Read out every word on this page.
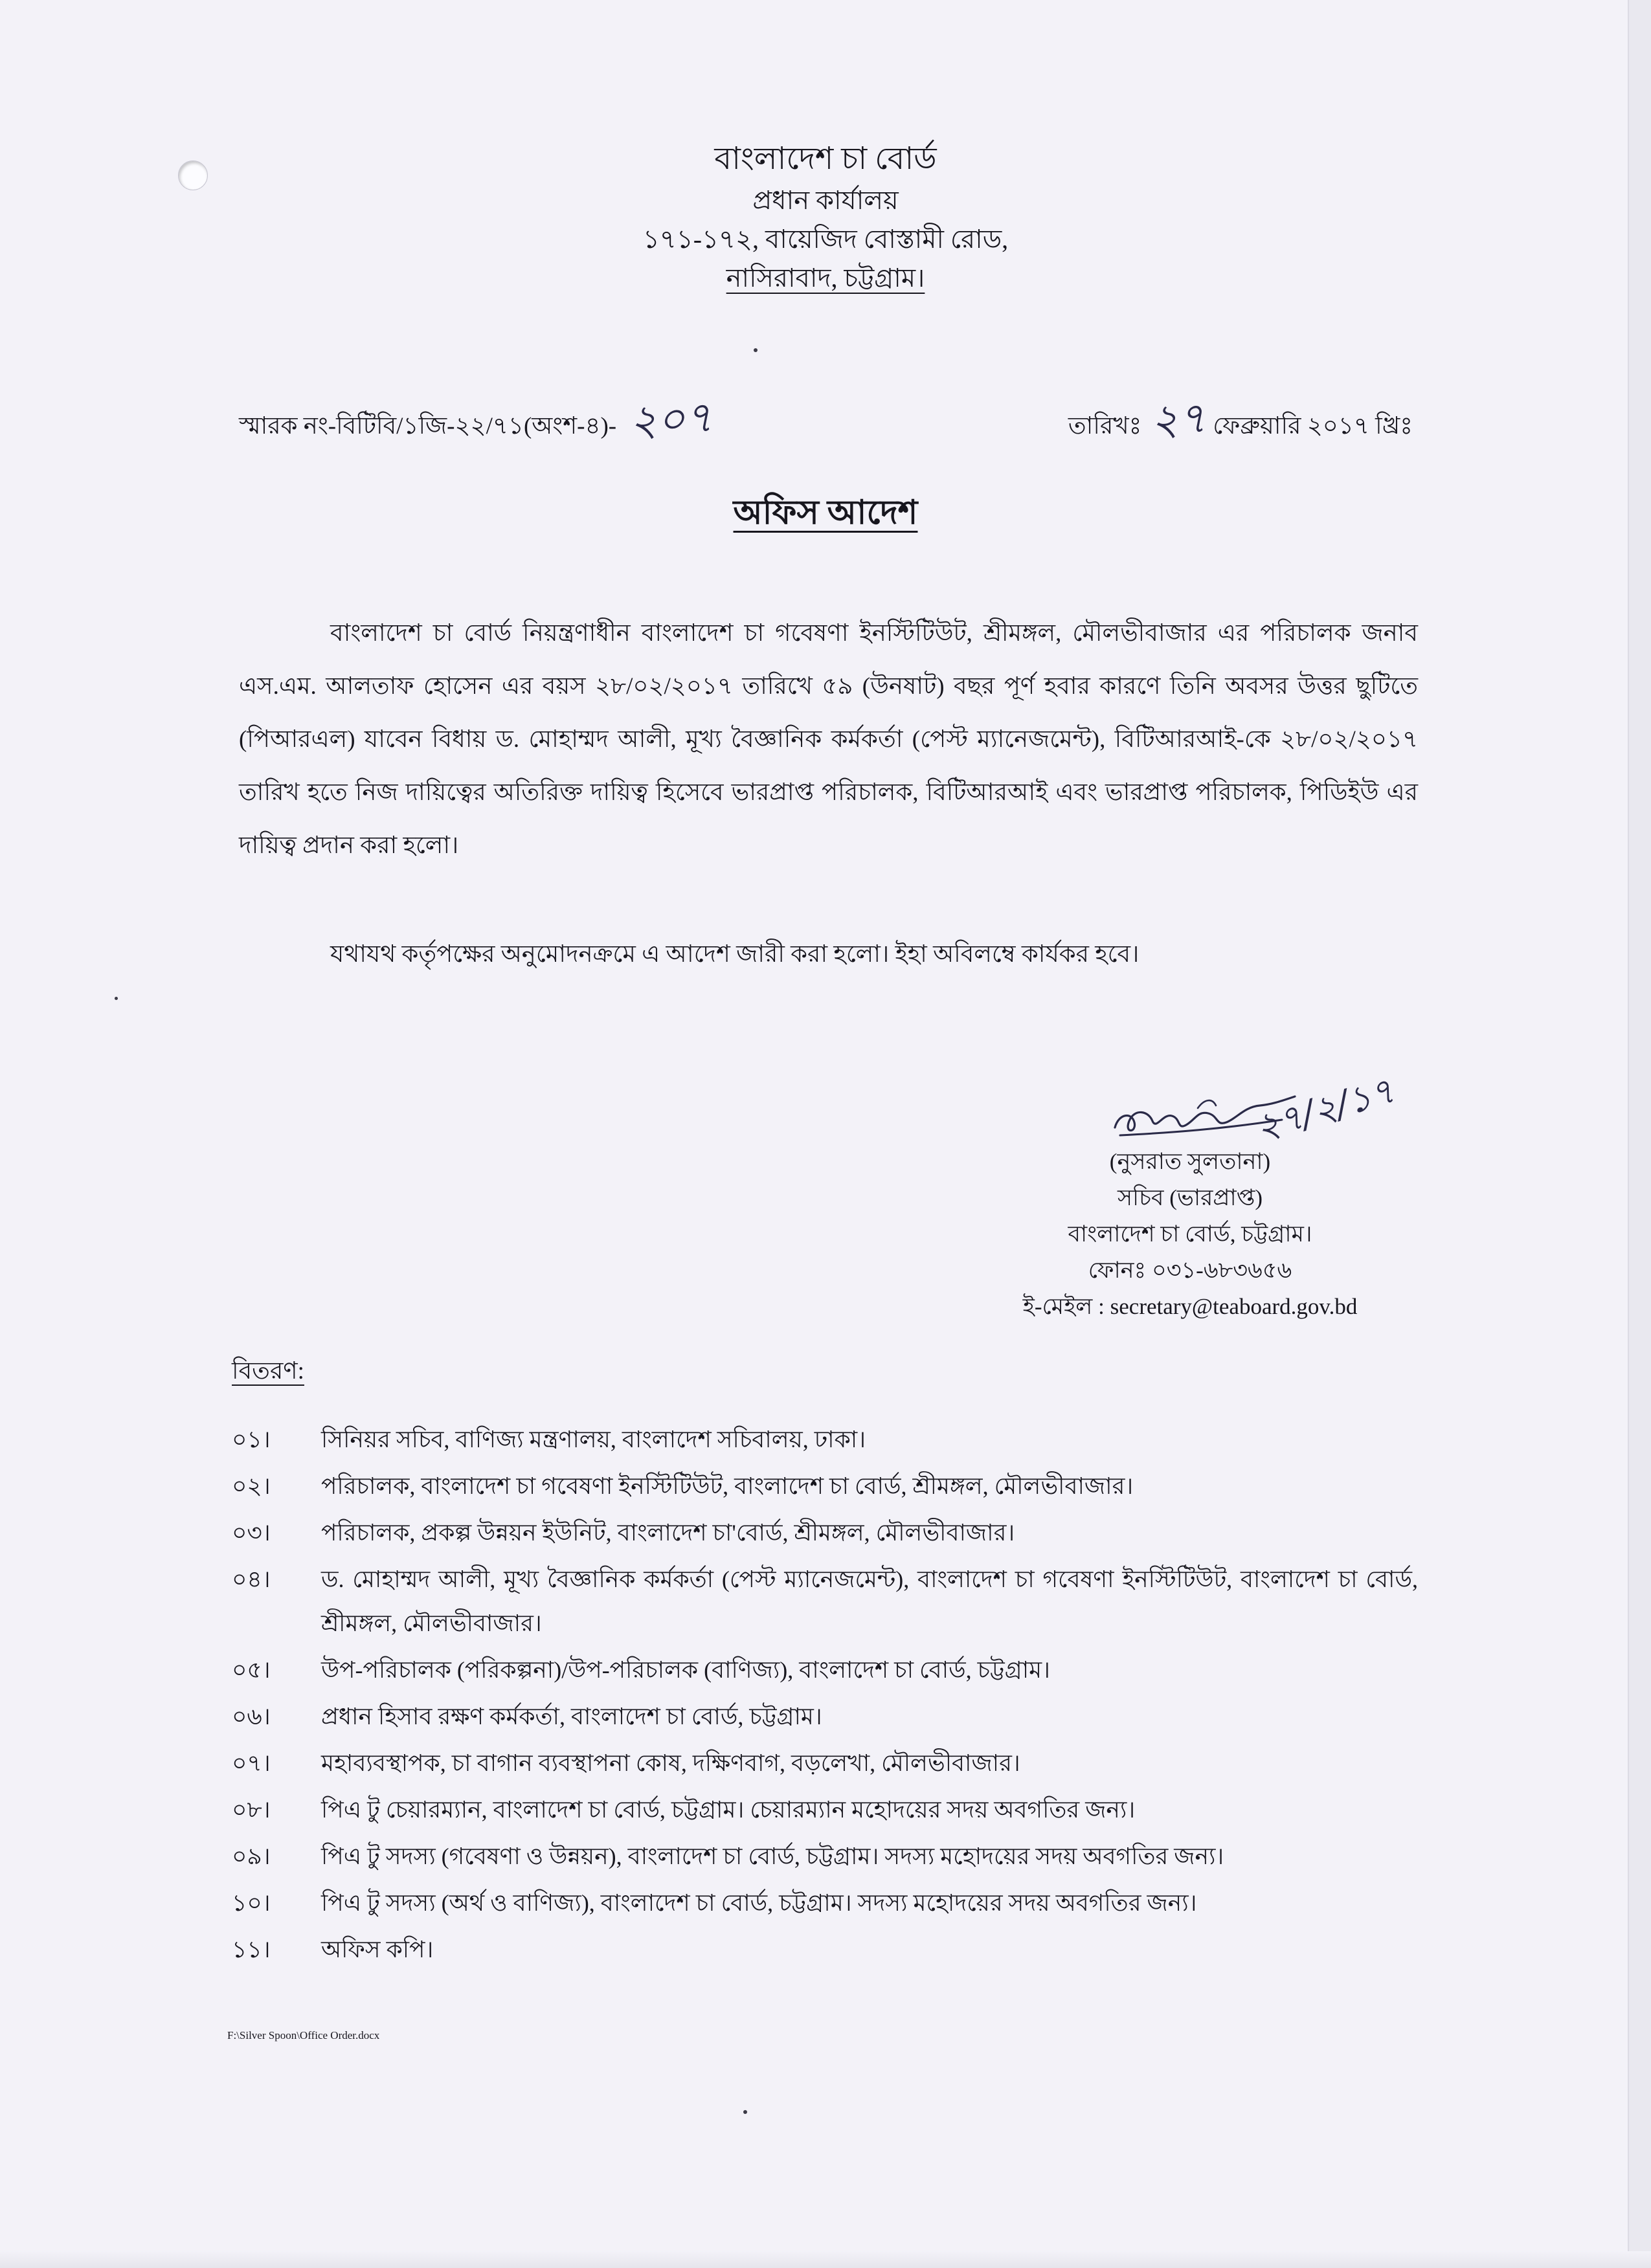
বাংলাদেশ চা বোর্ড
প্রধান কার্যালয়
১৭১-১৭২, বায়েজিদ বোস্তামী রোড,
নাসিরাবাদ, চট্টগ্রাম।
স্মারক নং-বিটিবি/১জি-২২/৭১(অংশ-৪)- ২০৭	তারিখঃ ২৭ ফেব্রুয়ারি ২০১৭ খ্রিঃ
অফিস আদেশ

বাংলাদেশ চা বোর্ড নিয়ন্ত্রণাধীন বাংলাদেশ চা গবেষণা ইনস্টিটিউট, শ্রীমঙ্গল, মৌলভীবাজার এর পরিচালক জনাব এস.এম. আলতাফ হোসেন এর বয়স ২৮/০২/২০১৭ তারিখে ৫৯ (উনষাট) বছর পূর্ণ হবার কারণে তিনি অবসর উত্তর ছুটিতে (পিআরএল) যাবেন বিধায় ড. মোহাম্মদ আলী, মূখ্য বৈজ্ঞানিক কর্মকর্তা (পেস্ট ম্যানেজমেন্ট), বিটিআরআই-কে ২৮/০২/২০১৭ তারিখ হতে নিজ দায়িত্বের অতিরিক্ত দায়িত্ব হিসেবে ভারপ্রাপ্ত পরিচালক, বিটিআরআই এবং ভারপ্রাপ্ত পরিচালক, পিডিইউ এর দায়িত্ব প্রদান করা হলো।

যথাযথ কর্তৃপক্ষের অনুমোদনক্রমে এ আদেশ জারী করা হলো। ইহা অবিলম্বে কার্যকর হবে।

২৭/২/১৭
(নুসরাত সুলতানা)
সচিব (ভারপ্রাপ্ত)
বাংলাদেশ চা বোর্ড, চট্টগ্রাম।
ফোনঃ ০৩১-৬৮৩৬৫৬
ই-মেইল : secretary@teaboard.gov.bd
বিতরণ:
০১।	সিনিয়র সচিব, বাণিজ্য মন্ত্রণালয়, বাংলাদেশ সচিবালয়, ঢাকা।
০২।	পরিচালক, বাংলাদেশ চা গবেষণা ইনস্টিটিউট, বাংলাদেশ চা বোর্ড, শ্রীমঙ্গল, মৌলভীবাজার।
০৩।	পরিচালক, প্রকল্প উন্নয়ন ইউনিট, বাংলাদেশ চা'বোর্ড, শ্রীমঙ্গল, মৌলভীবাজার।
০৪।	ড. মোহাম্মদ আলী, মূখ্য বৈজ্ঞানিক কর্মকর্তা (পেস্ট ম্যানেজমেন্ট), বাংলাদেশ চা গবেষণা ইনস্টিটিউট, বাংলাদেশ চা বোর্ড, শ্রীমঙ্গল, মৌলভীবাজার।
০৫।	উপ-পরিচালক (পরিকল্পনা)/উপ-পরিচালক (বাণিজ্য), বাংলাদেশ চা বোর্ড, চট্টগ্রাম।
০৬।	প্রধান হিসাব রক্ষণ কর্মকর্তা, বাংলাদেশ চা বোর্ড, চট্টগ্রাম।
০৭।	মহাব্যবস্থাপক, চা বাগান ব্যবস্থাপনা কোষ, দক্ষিণবাগ, বড়লেখা, মৌলভীবাজার।
০৮।	পিএ টু চেয়ারম্যান, বাংলাদেশ চা বোর্ড, চট্টগ্রাম। চেয়ারম্যান মহোদয়ের সদয় অবগতির জন্য।
০৯।	পিএ টু সদস্য (গবেষণা ও উন্নয়ন), বাংলাদেশ চা বোর্ড, চট্টগ্রাম। সদস্য মহোদয়ের সদয় অবগতির জন্য।
১০।	পিএ টু সদস্য (অর্থ ও বাণিজ্য), বাংলাদেশ চা বোর্ড, চট্টগ্রাম। সদস্য মহোদয়ের সদয় অবগতির জন্য।
১১।	অফিস কপি।
F:\Silver Spoon\Office Order.docx
